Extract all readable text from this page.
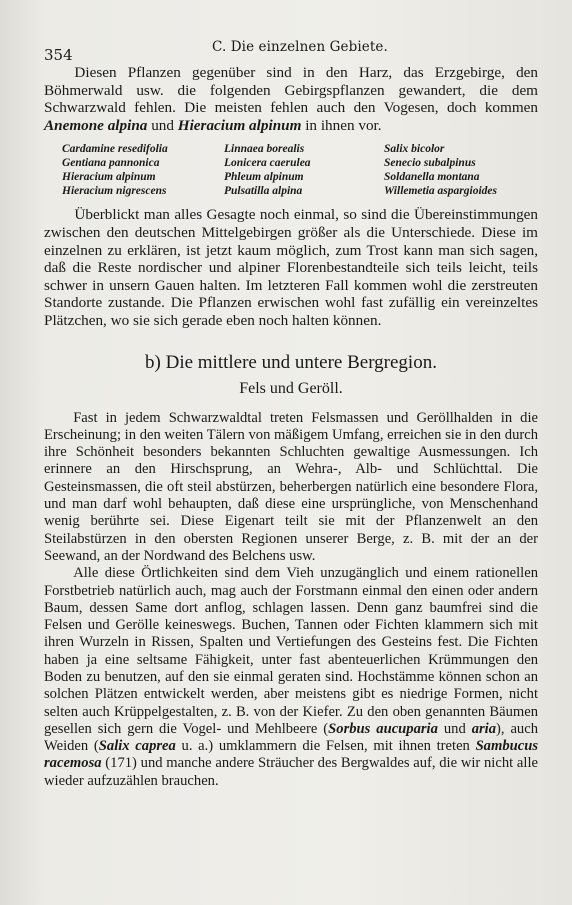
354	C. Die einzelnen Gebiete.

Diesen Pflanzen gegenüber sind in den Harz, das Erzgebirge, den Böhmerwald usw. die folgenden Gebirgspflanzen gewandert, die dem Schwarzwald fehlen. Die meisten fehlen auch den Vogesen, doch kommen Anemone alpina und Hieracium alpinum in ihnen vor.

Cardamine resedifolia	Linnaea borealis	Salix bicolor
Gentiana pannonica	Lonicera caerulea	Senecio subalpinus
Hieracium alpinum	Phleum alpinum	Soldanella montana
Hieracium nigrescens	Pulsatilla alpina	Willemetia aspargioides

Überblickt man alles Gesagte noch einmal, so sind die Übereinstimmungen zwischen den deutschen Mittelgebirgen größer als die Unterschiede. Diese im einzelnen zu erklären, ist jetzt kaum möglich, zum Trost kann man sich sagen, daß die Reste nordischer und alpiner Florenbestandteile sich teils leicht, teils schwer in unsern Gauen halten. Im letzteren Fall kommen wohl die zerstreuten Standorte zustande. Die Pflanzen erwischen wohl fast zufällig ein vereinzeltes Plätzchen, wo sie sich gerade eben noch halten können.

b) Die mittlere und untere Bergregion.
Fels und Geröll.

Fast in jedem Schwarzwaldtal treten Felsmassen und Geröllhalden in die Erscheinung; in den weiten Tälern von mäßigem Umfang, erreichen sie in den durch ihre Schönheit besonders bekannten Schluchten gewaltige Ausmessungen. Ich erinnere an den Hirschsprung, an Wehra-, Alb- und Schlüchttal. Die Gesteinsmassen, die oft steil abstürzen, beherbergen natürlich eine besondere Flora, und man darf wohl behaupten, daß diese eine ursprüngliche, von Menschenhand wenig berührte sei. Diese Eigenart teilt sie mit der Pflanzenwelt an den Steilabstürzen in den obersten Regionen unserer Berge, z. B. mit der an der Seewand, an der Nordwand des Belchens usw.

Alle diese Örtlichkeiten sind dem Vieh unzugänglich und einem rationellen Forstbetrieb natürlich auch, mag auch der Forstmann einmal den einen oder andern Baum, dessen Same dort anflog, schlagen lassen. Denn ganz baumfrei sind die Felsen und Gerölle keineswegs. Buchen, Tannen oder Fichten klammern sich mit ihren Wurzeln in Rissen, Spalten und Vertiefungen des Gesteins fest. Die Fichten haben ja eine seltsame Fähigkeit, unter fast abenteuerlichen Krümmungen den Boden zu benutzen, auf den sie einmal geraten sind. Hochstämme können schon an solchen Plätzen entwickelt werden, aber meistens gibt es niedrige Formen, nicht selten auch Krüppelgestalten, z. B. von der Kiefer. Zu den oben genannten Bäumen gesellen sich gern die Vogel- und Mehlbeere (Sorbus aucuparia und aria), auch Weiden (Salix caprea u. a.) umklammern die Felsen, mit ihnen treten Sambucus racemosa (171) und manche andere Sträucher des Bergwaldes auf, die wir nicht alle wieder aufzuzählen brauchen.
